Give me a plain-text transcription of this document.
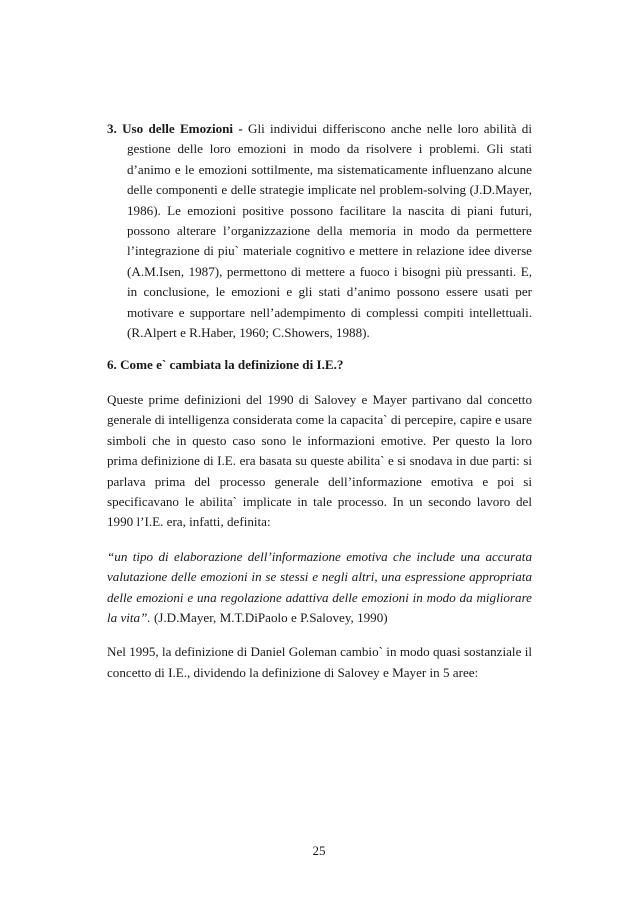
3. Uso delle Emozioni - Gli individui differiscono anche nelle loro abilità di gestione delle loro emozioni in modo da risolvere i problemi. Gli stati d’animo e le emozioni sottilmente, ma sistematicamente influenzano alcune delle componenti e delle strategie implicate nel problem-solving (J.D.Mayer, 1986). Le emozioni positive possono facilitare la nascita di piani futuri, possono alterare l’organizzazione della memoria in modo da permettere l’integrazione di piu` materiale cognitivo e mettere in relazione idee diverse (A.M.Isen, 1987), permettono di mettere a fuoco i bisogni più pressanti. E, in conclusione, le emozioni e gli stati d’animo possono essere usati per motivare e supportare nell’adempimento di complessi compiti intellettuali. (R.Alpert e R.Haber, 1960; C.Showers, 1988).

6. Come e` cambiata la definizione di I.E.?

Queste prime definizioni del 1990 di Salovey e Mayer partivano dal concetto generale di intelligenza considerata come la capacita` di percepire, capire e usare simboli che in questo caso sono le informazioni emotive. Per questo la loro prima definizione di I.E. era basata su queste abilita` e si snodava in due parti: si parlava prima del processo generale dell’informazione emotiva e poi si specificavano le abilita` implicate in tale processo. In un secondo lavoro del 1990 l’I.E. era, infatti, definita:

“un tipo di elaborazione dell’informazione emotiva che include una accurata valutazione delle emozioni in se stessi e negli altri, una espressione appropriata delle emozioni e una regolazione adattiva delle emozioni in modo da migliorare la vita”. (J.D.Mayer, M.T.DiPaolo e P.Salovey, 1990)

Nel 1995, la definizione di Daniel Goleman cambio` in modo quasi sostanziale il concetto di I.E., dividendo la definizione di Salovey e Mayer in 5 aree:

25
